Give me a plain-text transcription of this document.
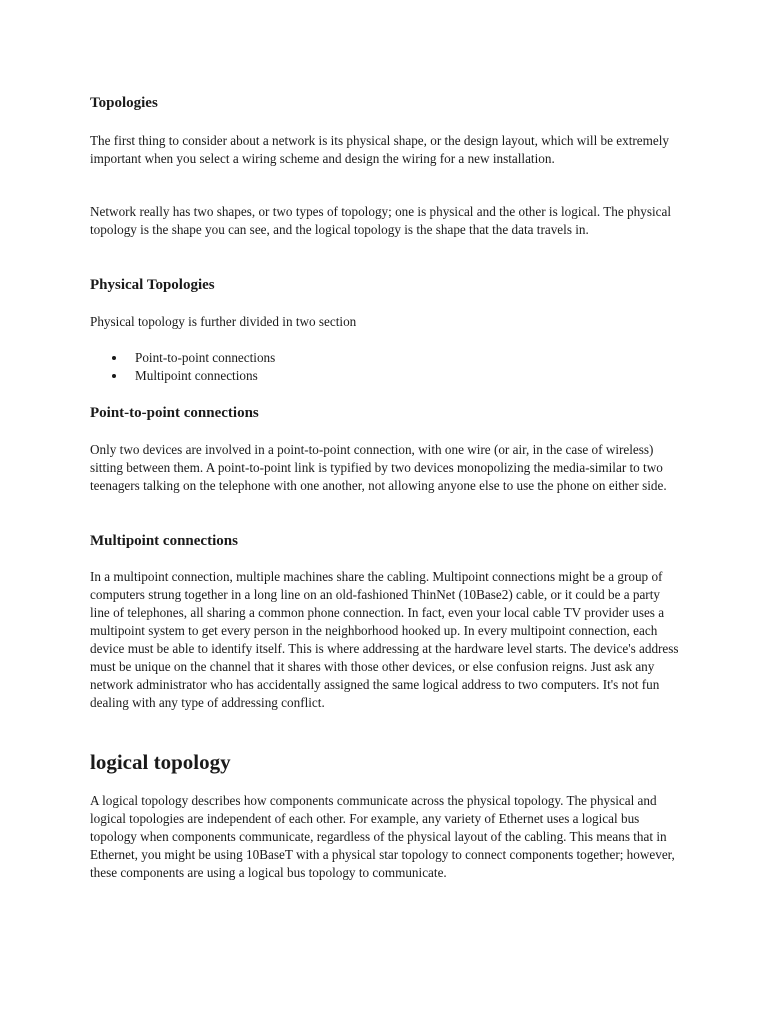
Topologies

The first thing to consider about a network is its physical shape, or the design layout, which will be extremely important when you select a wiring scheme and design the wiring for a new installation.

Network really has two shapes, or two types of topology; one is physical and the other is logical. The physical topology is the shape you can see, and the logical topology is the shape that the data travels in.

Physical Topologies

Physical topology is further divided in two section

Point-to-point connections
Multipoint connections
Point-to-point connections

Only two devices are involved in a point-to-point connection, with one wire (or air, in the case of wireless) sitting between them. A point-to-point link is typified by two devices monopolizing the media-similar to two teenagers talking on the telephone with one another, not allowing anyone else to use the phone on either side.

Multipoint connections

In a multipoint connection, multiple machines share the cabling. Multipoint connections might be a group of computers strung together in a long line on an old-fashioned ThinNet (10Base2) cable, or it could be a party line of telephones, all sharing a common phone connection. In fact, even your local cable TV provider uses a multipoint system to get every person in the neighborhood hooked up. In every multipoint connection, each device must be able to identify itself. This is where addressing at the hardware level starts. The device's address must be unique on the channel that it shares with those other devices, or else confusion reigns. Just ask any network administrator who has accidentally assigned the same logical address to two computers. It's not fun dealing with any type of addressing conflict.

logical topology

A logical topology describes how components communicate across the physical topology. The physical and logical topologies are independent of each other. For example, any variety of Ethernet uses a logical bus topology when components communicate, regardless of the physical layout of the cabling. This means that in Ethernet, you might be using 10BaseT with a physical star topology to connect components together; however, these components are using a logical bus topology to communicate.
